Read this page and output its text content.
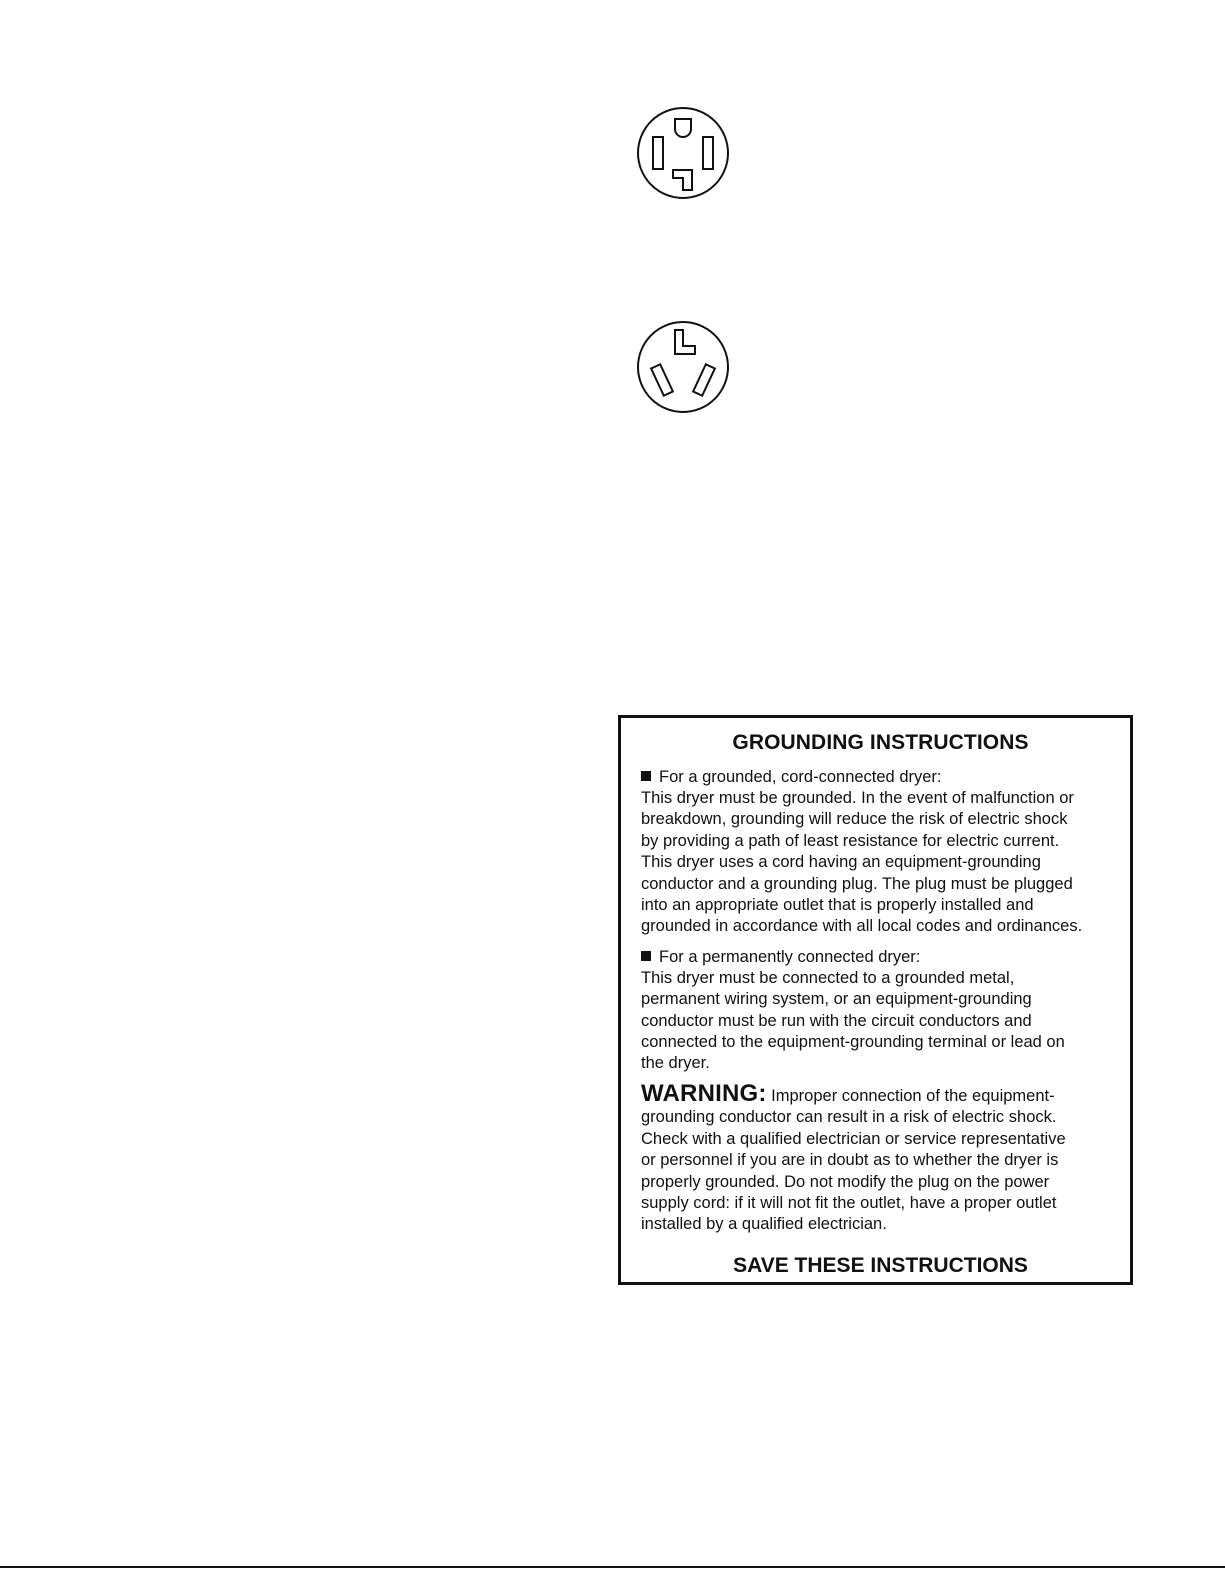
GROUNDING INSTRUCTIONS
For a grounded, cord-connected dryer:
This dryer must be grounded. In the event of malfunction or
breakdown, grounding will reduce the risk of electric shock
by providing a path of least resistance for electric current.
This dryer uses a cord having an equipment-grounding
conductor and a grounding plug. The plug must be plugged
into an appropriate outlet that is properly installed and
grounded in accordance with all local codes and ordinances.
For a permanently connected dryer:
This dryer must be connected to a grounded metal,
permanent wiring system, or an equipment-grounding
conductor must be run with the circuit conductors and
connected to the equipment-grounding terminal or lead on
the dryer.
WARNING: Improper connection of the equipment-
grounding conductor can result in a risk of electric shock.
Check with a qualified electrician or service representative
or personnel if you are in doubt as to whether the dryer is
properly grounded. Do not modify the plug on the power
supply cord: if it will not fit the outlet, have a proper outlet
installed by a qualified electrician.
SAVE THESE INSTRUCTIONS
